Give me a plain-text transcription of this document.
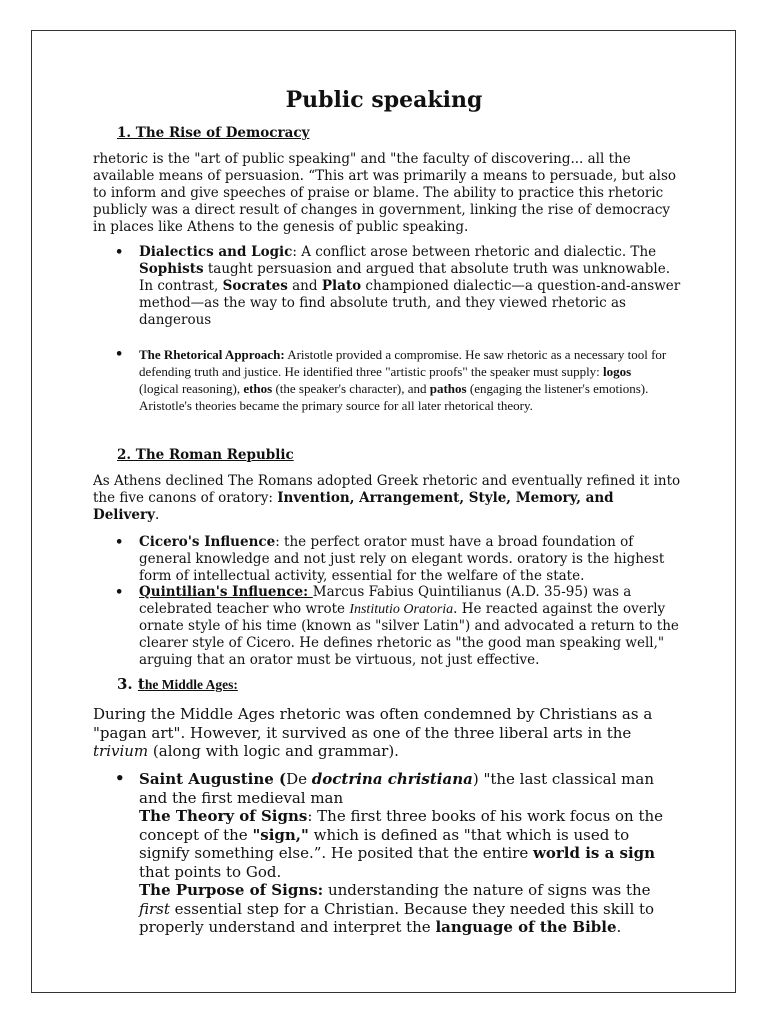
Public speaking
1. The Rise of Democracy

rhetoric is the "art of public speaking" and "the faculty of discovering... all the available means of persuasion. “This art was primarily a means to persuade, but also to inform and give speeches of praise or blame. The ability to practice this rhetoric publicly was a direct result of changes in government, linking the rise of democracy in places like Athens to the genesis of public speaking.

• Dialectics and Logic: A conflict arose between rhetoric and dialectic. The Sophists taught persuasion and argued that absolute truth was unknowable. In contrast, Socrates and Plato championed dialectic—a question-and-answer method—as the way to find absolute truth, and they viewed rhetoric as dangerous

• The Rhetorical Approach: Aristotle provided a compromise. He saw rhetoric as a necessary tool for defending truth and justice. He identified three "artistic proofs" the speaker must supply: logos (logical reasoning), ethos (the speaker's character), and pathos (engaging the listener's emotions). Aristotle's theories became the primary source for all later rhetorical theory.

2. The Roman Republic

As Athens declined The Romans adopted Greek rhetoric and eventually refined it into the five canons of oratory: Invention, Arrangement, Style, Memory, and Delivery.

• Cicero's Influence: the perfect orator must have a broad foundation of general knowledge and not just rely on elegant words. oratory is the highest form of intellectual activity, essential for the welfare of the state.

• Quintilian's Influence: Marcus Fabius Quintilianus (A.D. 35-95) was a celebrated teacher who wrote Institutio Oratoria. He reacted against the overly ornate style of his time (known as "silver Latin") and advocated a return to the clearer style of Cicero. He defines rhetoric as "the good man speaking well," arguing that an orator must be virtuous, not just effective.

3. the Middle Ages:

During the Middle Ages rhetoric was often condemned by Christians as a "pagan art". However, it survived as one of the three liberal arts in the trivium (along with logic and grammar).

• Saint Augustine (De doctrina christiana) "the last classical man and the first medieval man
The Theory of Signs: The first three books of his work focus on the concept of the "sign," which is defined as "that which is used to signify something else.”. He posited that the entire world is a sign that points to God.
The Purpose of Signs: understanding the nature of signs was the first essential step for a Christian. Because they needed this skill to properly understand and interpret the language of the Bible.
